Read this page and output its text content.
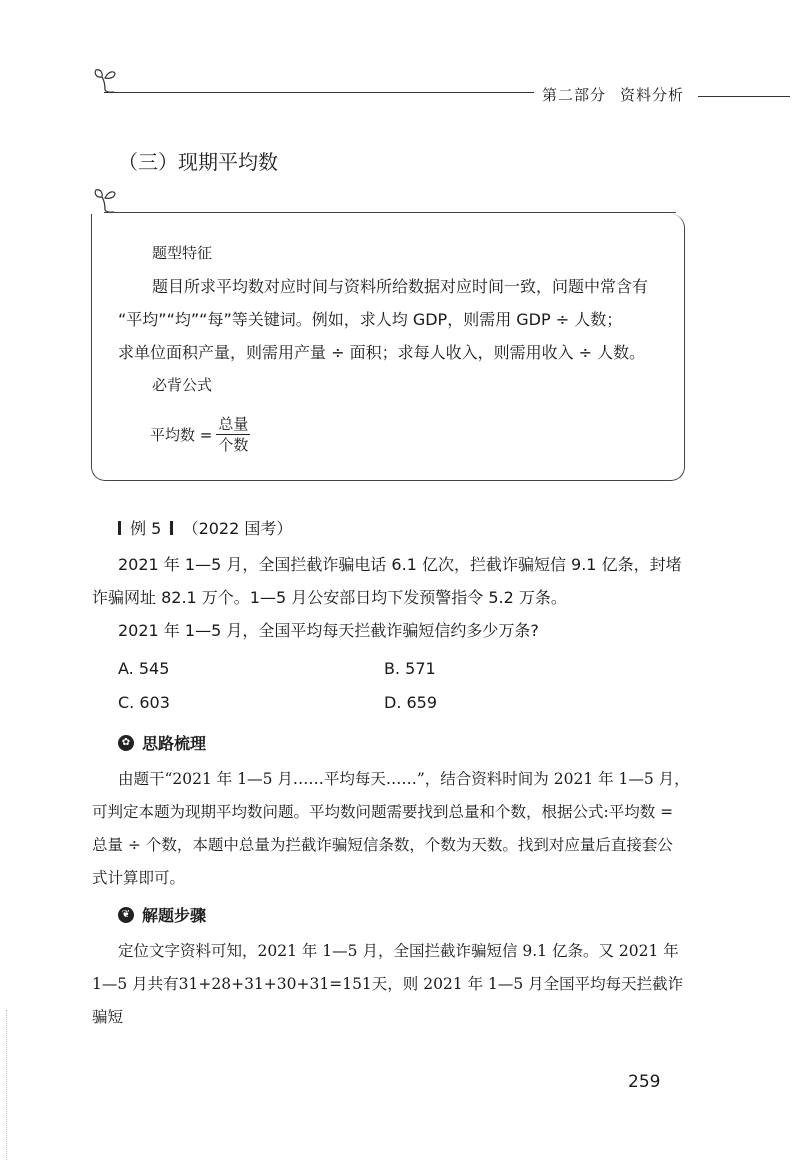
第二部分 资料分析
（三）现期平均数

题型特征

题目所求平均数对应时间与资料所给数据对应时间一致，问题中常含有

“平均”“均”“每”等关键词。例如，求人均 GDP，则需用 GDP ÷ 人数；

求单位面积产量，则需用产量 ÷ 面积；求每人收入，则需用收入 ÷ 人数。

必背公式

平均数 = $\frac{\text{总量}}{\text{个数}}$
例 5 （2022 国考）

2021 年 1—5 月，全国拦截诈骗电话 6.1 亿次，拦截诈骗短信 9.1 亿条，封堵

诈骗网址 82.1 万个。1—5 月公安部日均下发预警指令 5.2 万条。

2021 年 1—5 月，全国平均每天拦截诈骗短信约多少万条?

A. 545	B. 571
C. 603	D. 659
✿ 思路梳理

由题干“2021 年 1—5 月……平均每天……”，结合资料时间为 2021 年 1—5 月，

可判定本题为现期平均数问题。平均数问题需要找到总量和个数，根据公式:平均数 =

总量 ÷ 个数，本题中总量为拦截诈骗短信条数，个数为天数。找到对应量后直接套公

式计算即可。

❦ 解题步骤

定位文字资料可知，2021 年 1—5 月，全国拦截诈骗短信 9.1 亿条。又 2021 年

1—5 月共有31+28+31+30+31=151天，则 2021 年 1—5 月全国平均每天拦截诈骗短

259
